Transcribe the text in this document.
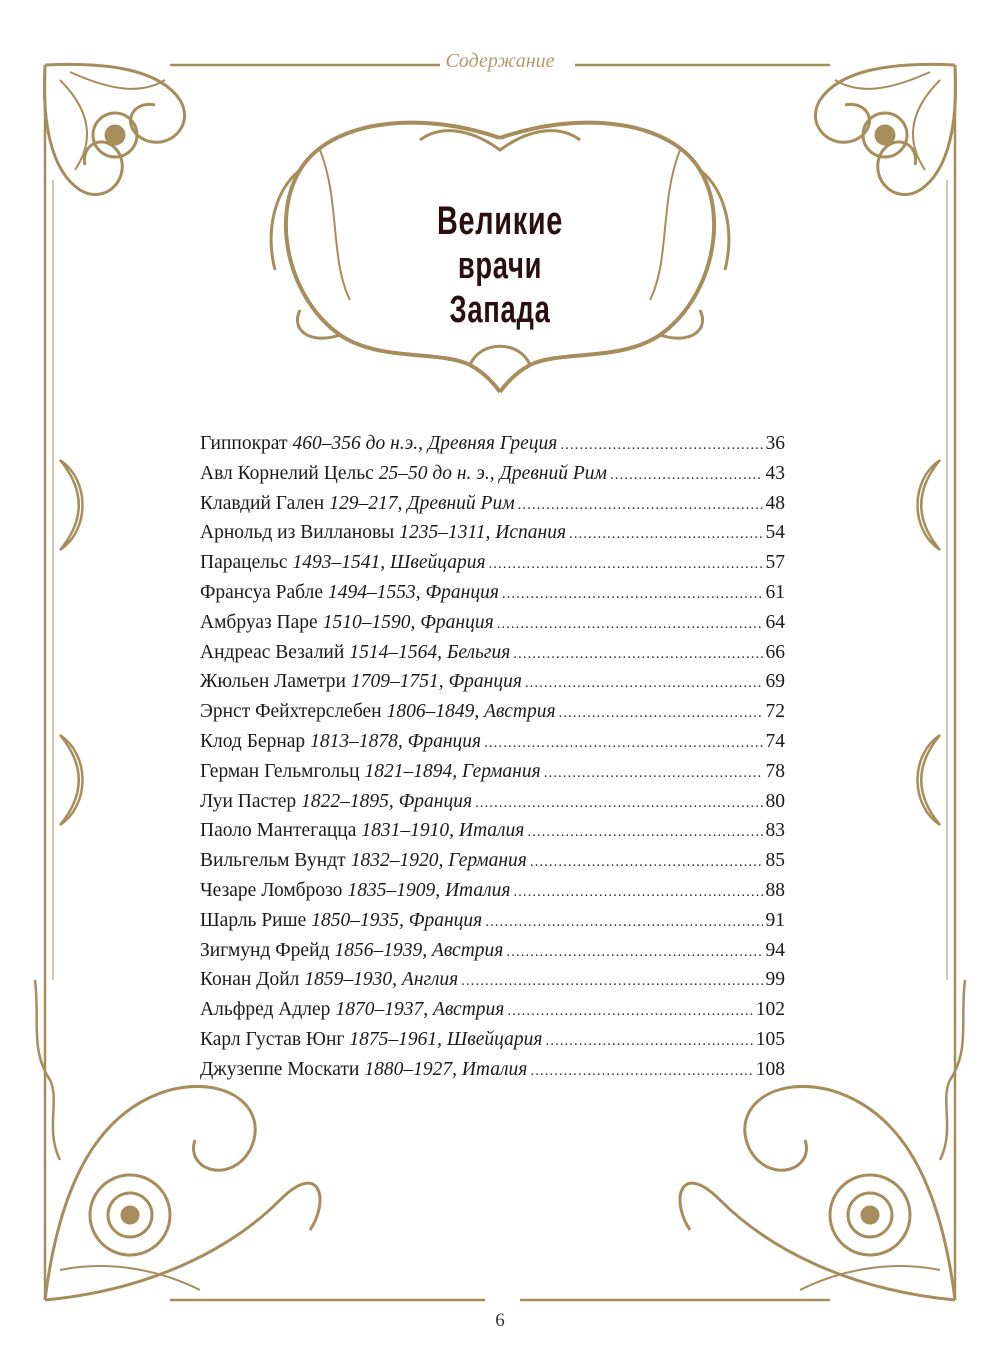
Содержание
Великие
врачи Запада
Гиппократ 460–356 до н.э., Древняя Греция .....	36
Авл Корнелий Цельс 25–50 до н. э., Древний Рим .....	43
Клавдий Гален 129–217, Древний Рим .....	48
Арнольд из Виллановы 1235–1311, Испания .....	54
Парацельс 1493–1541, Швейцария .....	57
Франсуа Рабле 1494–1553, Франция .....	61
Амбруаз Паре 1510–1590, Франция .....	64
Андреас Везалий 1514–1564, Бельгия .....	66
Жюльен Ламетри 1709–1751, Франция .....	69
Эрнст Фейхтерслебен 1806–1849, Австрия .....	72
Клод Бернар 1813–1878, Франция .....	74
Герман Гельмгольц 1821–1894, Германия .....	78
Луи Пастер 1822–1895, Франция .....	80
Паоло Мантегацца 1831–1910, Италия .....	83
Вильгельм Вундт 1832–1920, Германия .....	85
Чезаре Ломброзо 1835–1909, Италия .....	88
Шарль Рише 1850–1935, Франция .....	91
Зигмунд Фрейд 1856–1939, Австрия .....	94
Конан Дойл 1859–1930, Англия .....	99
Альфред Адлер 1870–1937, Австрия .....	102
Карл Густав Юнг 1875–1961, Швейцария .....	105
Джузеппе Москати 1880–1927, Италия .....	108
6
